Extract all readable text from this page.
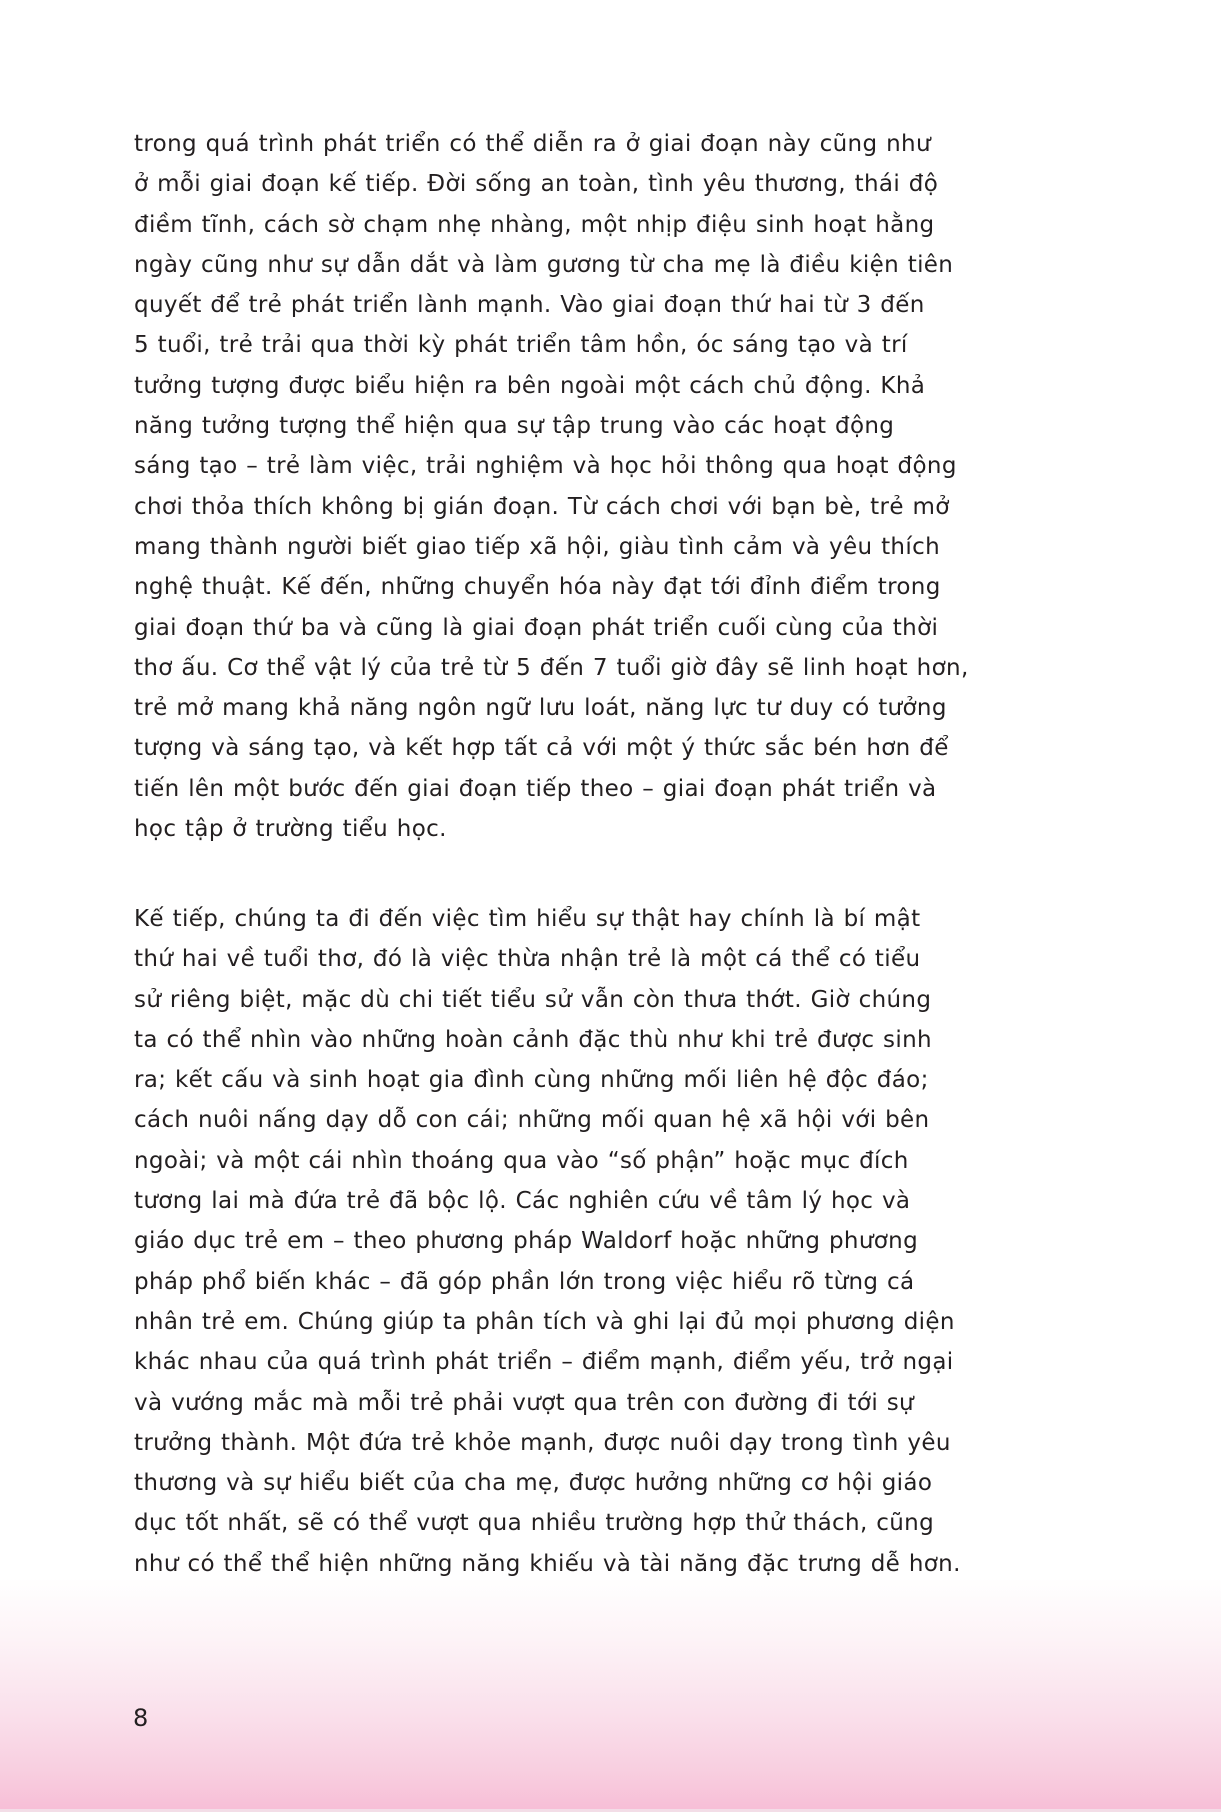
trong quá trình phát triển có thể diễn ra ở giai đoạn này cũng như
ở mỗi giai đoạn kế tiếp. Đời sống an toàn, tình yêu thương, thái độ
điềm tĩnh, cách sờ chạm nhẹ nhàng, một nhịp điệu sinh hoạt hằng
ngày cũng như sự dẫn dắt và làm gương từ cha mẹ là điều kiện tiên
quyết để trẻ phát triển lành mạnh. Vào giai đoạn thứ hai từ 3 đến
5 tuổi, trẻ trải qua thời kỳ phát triển tâm hồn, óc sáng tạo và trí
tưởng tượng được biểu hiện ra bên ngoài một cách chủ động. Khả
năng tưởng tượng thể hiện qua sự tập trung vào các hoạt động
sáng tạo – trẻ làm việc, trải nghiệm và học hỏi thông qua hoạt động
chơi thỏa thích không bị gián đoạn. Từ cách chơi với bạn bè, trẻ mở
mang thành người biết giao tiếp xã hội, giàu tình cảm và yêu thích
nghệ thuật. Kế đến, những chuyển hóa này đạt tới đỉnh điểm trong
giai đoạn thứ ba và cũng là giai đoạn phát triển cuối cùng của thời
thơ ấu. Cơ thể vật lý của trẻ từ 5 đến 7 tuổi giờ đây sẽ linh hoạt hơn,
trẻ mở mang khả năng ngôn ngữ lưu loát, năng lực tư duy có tưởng
tượng và sáng tạo, và kết hợp tất cả với một ý thức sắc bén hơn để
tiến lên một bước đến giai đoạn tiếp theo – giai đoạn phát triển và
học tập ở trường tiểu học.
Kế tiếp, chúng ta đi đến việc tìm hiểu sự thật hay chính là bí mật
thứ hai về tuổi thơ, đó là việc thừa nhận trẻ là một cá thể có tiểu
sử riêng biệt, mặc dù chi tiết tiểu sử vẫn còn thưa thớt. Giờ chúng
ta có thể nhìn vào những hoàn cảnh đặc thù như khi trẻ được sinh
ra; kết cấu và sinh hoạt gia đình cùng những mối liên hệ độc đáo;
cách nuôi nấng dạy dỗ con cái; những mối quan hệ xã hội với bên
ngoài; và một cái nhìn thoáng qua vào “số phận” hoặc mục đích
tương lai mà đứa trẻ đã bộc lộ. Các nghiên cứu về tâm lý học và
giáo dục trẻ em – theo phương pháp Waldorf hoặc những phương
pháp phổ biến khác – đã góp phần lớn trong việc hiểu rõ từng cá
nhân trẻ em. Chúng giúp ta phân tích và ghi lại đủ mọi phương diện
khác nhau của quá trình phát triển – điểm mạnh, điểm yếu, trở ngại
và vướng mắc mà mỗi trẻ phải vượt qua trên con đường đi tới sự
trưởng thành. Một đứa trẻ khỏe mạnh, được nuôi dạy trong tình yêu
thương và sự hiểu biết của cha mẹ, được hưởng những cơ hội giáo
dục tốt nhất, sẽ có thể vượt qua nhiều trường hợp thử thách, cũng
như có thể thể hiện những năng khiếu và tài năng đặc trưng dễ hơn.
8
